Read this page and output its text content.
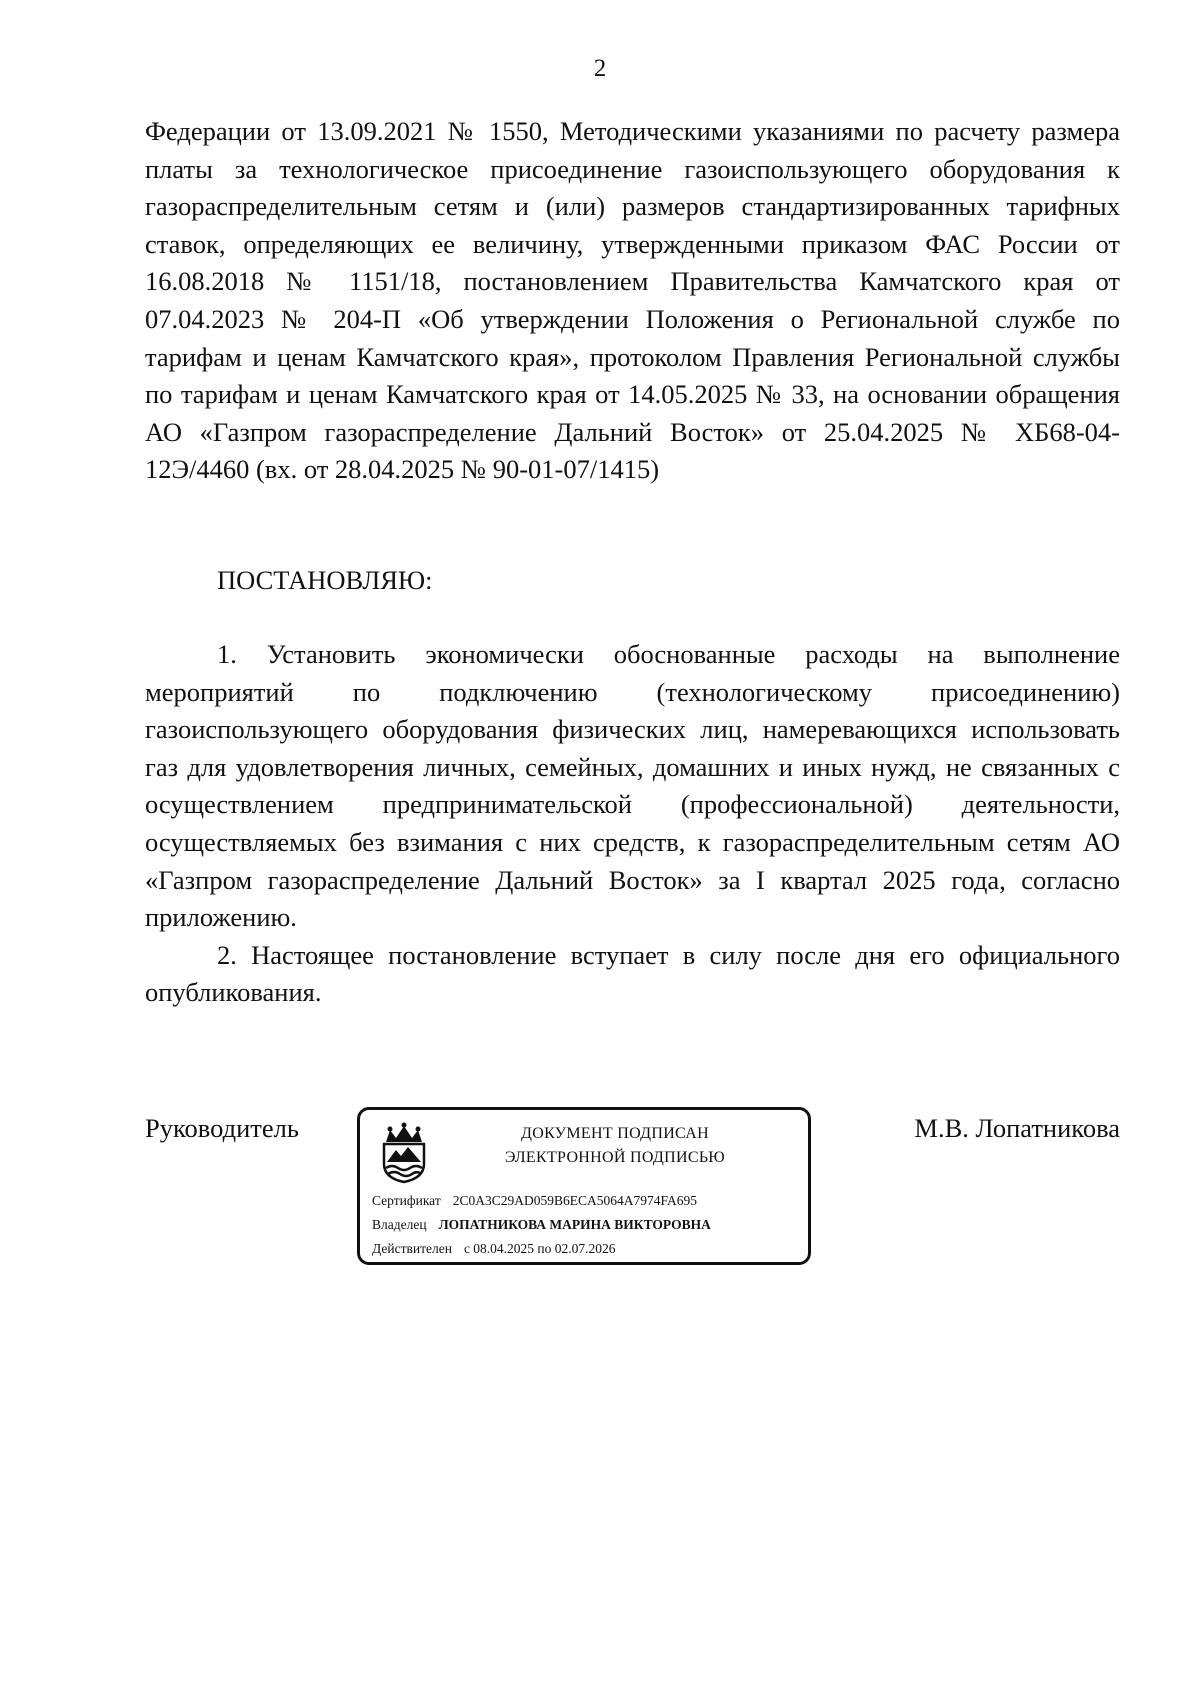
2

Федерации от 13.09.2021 № 1550, Методическими указаниями по расчету размера платы за технологическое присоединение газоиспользующего оборудования к газораспределительным сетям и (или) размеров стандартизированных тарифных ставок, определяющих ее величину, утвержденными приказом ФАС России от 16.08.2018 № 1151/18, постановлением Правительства Камчатского края от 07.04.2023 № 204-П «Об утверждении Положения о Региональной службе по тарифам и ценам Камчатского края», протоколом Правления Региональной службы по тарифам и ценам Камчатского края от 14.05.2025 № 33, на основании обращения АО «Газпром газораспределение Дальний Восток» от 25.04.2025 № ХБ68-04-12Э/4460 (вх. от 28.04.2025 № 90-01-07/1415)

ПОСТАНОВЛЯЮ:

1. Установить экономически обоснованные расходы на выполнение мероприятий по подключению (технологическому присоединению) газоиспользующего оборудования физических лиц, намеревающихся использовать газ для удовлетворения личных, семейных, домашних и иных нужд, не связанных с осуществлением предпринимательской (профессиональной) деятельности, осуществляемых без взимания с них средств, к газораспределительным сетям АО «Газпром газораспределение Дальний Восток» за I квартал 2025 года, согласно приложению.

2. Настоящее постановление вступает в силу после дня его официального опубликования.

Руководитель	М.В. Лопатникова
ДОКУМЕНТ ПОДПИСАН
ЭЛЕКТРОННОЙ ПОДПИСЬЮ
Сертификат 2C0A3C29AD059B6ECA5064A7974FA695
Владелец ЛОПАТНИКОВА МАРИНА ВИКТОРОВНА
Действителен с 08.04.2025 по 02.07.2026
